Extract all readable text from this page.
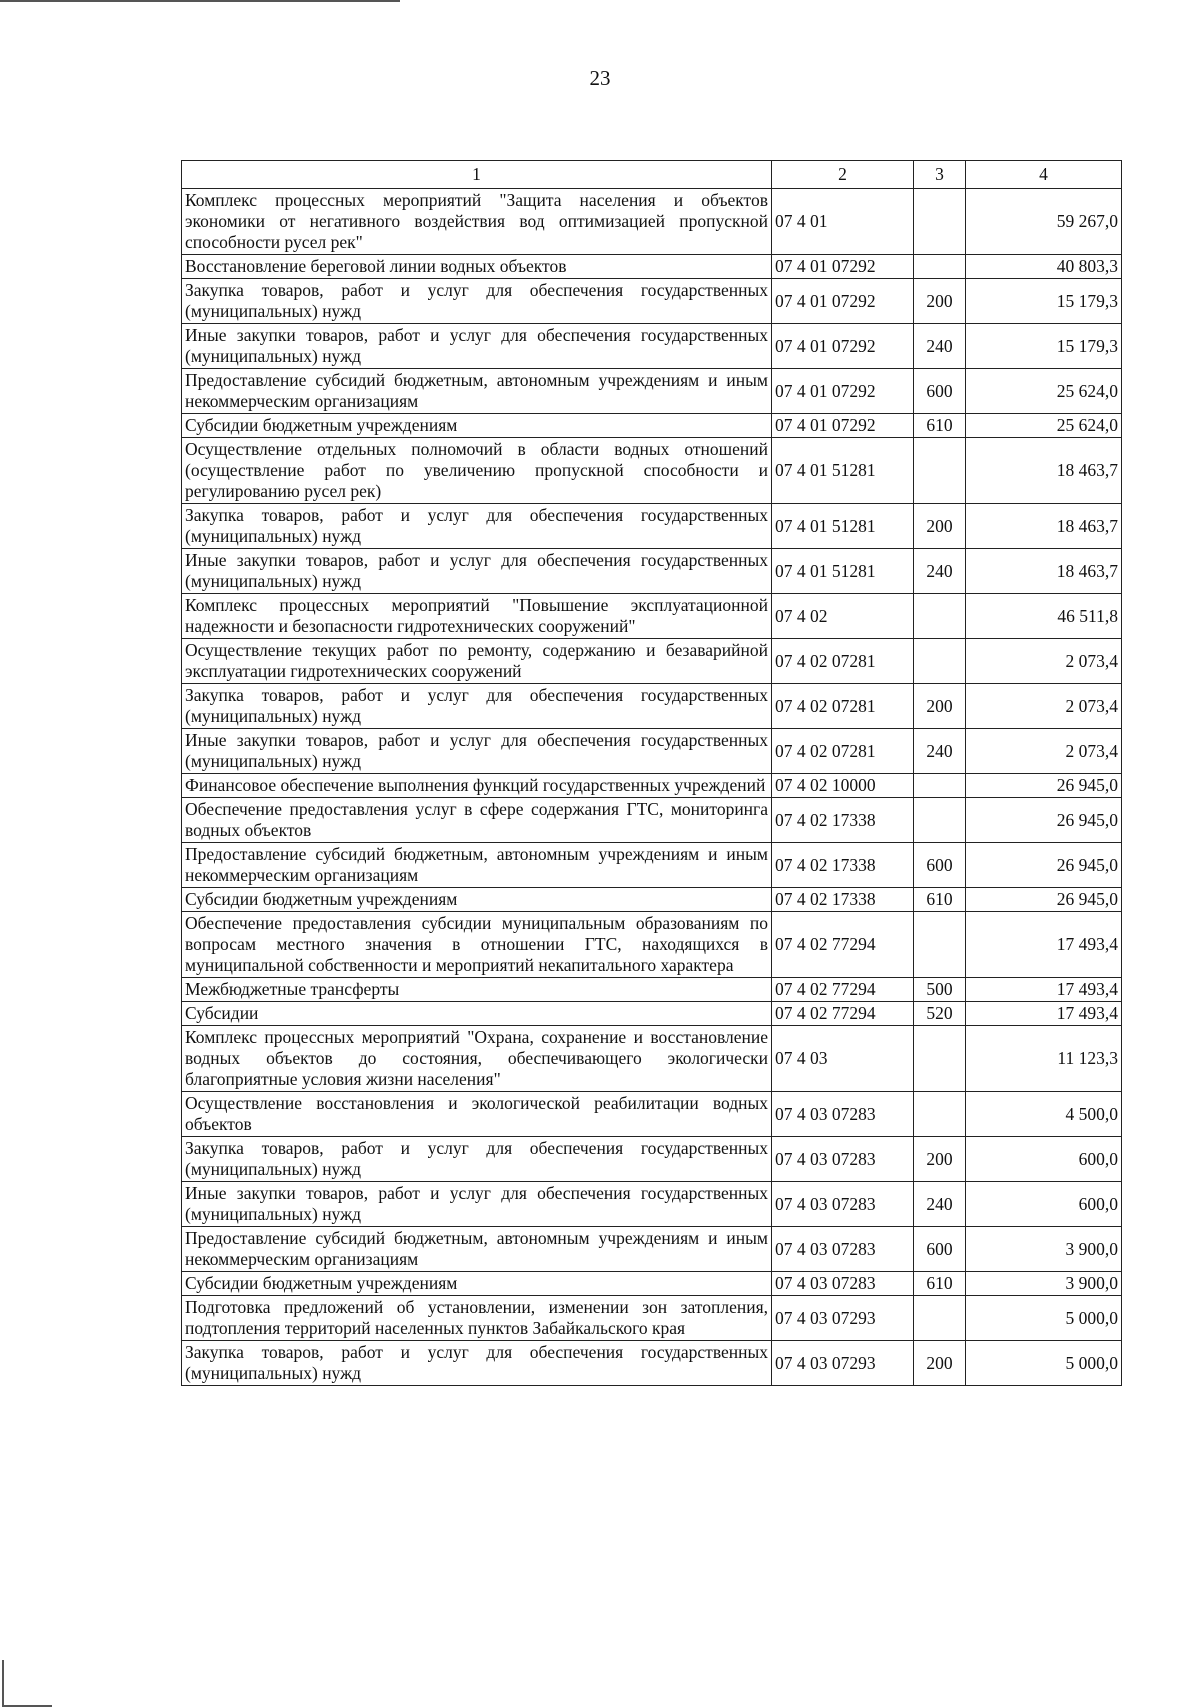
23
1	2	3	4
Комплекс процессных мероприятий "Защита населения и объектов экономики от негативного воздействия вод оптимизацией пропускной способности русел рек"	07 4 01		59 267,0
Восстановление береговой линии водных объектов	07 4 01 07292		40 803,3
Закупка товаров, работ и услуг для обеспечения государственных (муниципальных) нужд	07 4 01 07292	200	15 179,3
Иные закупки товаров, работ и услуг для обеспечения государственных (муниципальных) нужд	07 4 01 07292	240	15 179,3
Предоставление субсидий бюджетным, автономным учреждениям и иным некоммерческим организациям	07 4 01 07292	600	25 624,0
Субсидии бюджетным учреждениям	07 4 01 07292	610	25 624,0
Осуществление отдельных полномочий в области водных отношений (осуществление работ по увеличению пропускной способности и регулированию русел рек)	07 4 01 51281		18 463,7
Закупка товаров, работ и услуг для обеспечения государственных (муниципальных) нужд	07 4 01 51281	200	18 463,7
Иные закупки товаров, работ и услуг для обеспечения государственных (муниципальных) нужд	07 4 01 51281	240	18 463,7
Комплекс процессных мероприятий "Повышение эксплуатационной надежности и безопасности гидротехнических сооружений"	07 4 02		46 511,8
Осуществление текущих работ по ремонту, содержанию и безаварийной эксплуатации гидротехнических сооружений	07 4 02 07281		2 073,4
Закупка товаров, работ и услуг для обеспечения государственных (муниципальных) нужд	07 4 02 07281	200	2 073,4
Иные закупки товаров, работ и услуг для обеспечения государственных (муниципальных) нужд	07 4 02 07281	240	2 073,4
Финансовое обеспечение выполнения функций государственных учреждений	07 4 02 10000		26 945,0
Обеспечение предоставления услуг в сфере содержания ГТС, мониторинга водных объектов	07 4 02 17338		26 945,0
Предоставление субсидий бюджетным, автономным учреждениям и иным некоммерческим организациям	07 4 02 17338	600	26 945,0
Субсидии бюджетным учреждениям	07 4 02 17338	610	26 945,0
Обеспечение предоставления субсидии муниципальным образованиям по вопросам местного значения в отношении ГТС, находящихся в муниципальной собственности и мероприятий некапитального характера	07 4 02 77294		17 493,4
Межбюджетные трансферты	07 4 02 77294	500	17 493,4
Субсидии	07 4 02 77294	520	17 493,4
Комплекс процессных мероприятий "Охрана, сохранение и восстановление водных объектов до состояния, обеспечивающего экологически благоприятные условия жизни населения"	07 4 03		11 123,3
Осуществление восстановления и экологической реабилитации водных объектов	07 4 03 07283		4 500,0
Закупка товаров, работ и услуг для обеспечения государственных (муниципальных) нужд	07 4 03 07283	200	600,0
Иные закупки товаров, работ и услуг для обеспечения государственных (муниципальных) нужд	07 4 03 07283	240	600,0
Предоставление субсидий бюджетным, автономным учреждениям и иным некоммерческим организациям	07 4 03 07283	600	3 900,0
Субсидии бюджетным учреждениям	07 4 03 07283	610	3 900,0
Подготовка предложений об установлении, изменении зон затопления, подтопления территорий населенных пунктов Забайкальского края	07 4 03 07293		5 000,0
Закупка товаров, работ и услуг для обеспечения государственных (муниципальных) нужд	07 4 03 07293	200	5 000,0
